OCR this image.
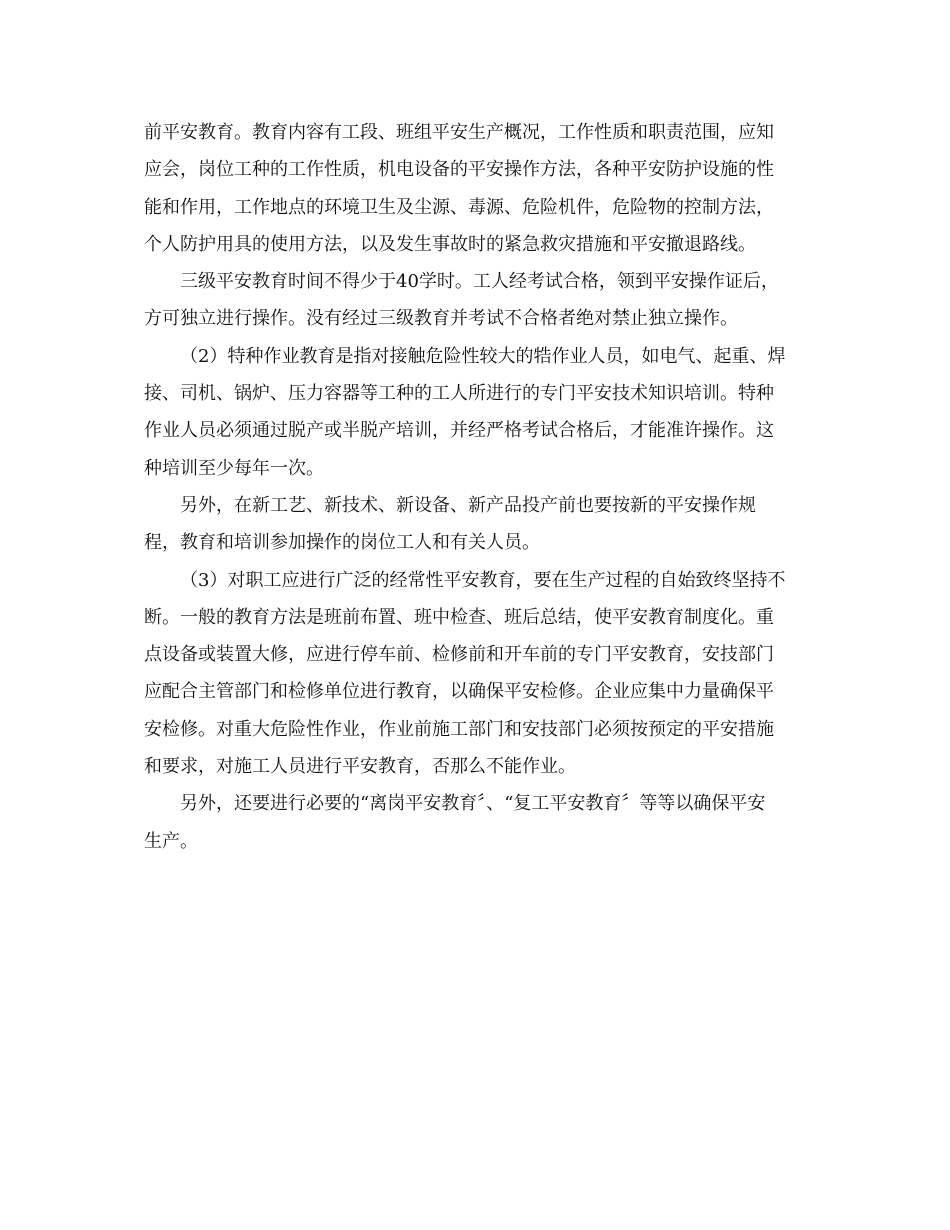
前平安教育。教育内容有工段、班组平安生产概况，工作性质和职责范围，应知
应会，岗位工种的工作性质，机电设备的平安操作方法，各种平安防护设施的性
能和作用，工作地点的环境卫生及尘源、毒源、危险机件，危险物的控制方法，
个人防护用具的使用方法，以及发生事故时的紧急救灾措施和平安撤退路线。

三级平安教育时间不得少于40学时。工人经考试合格，领到平安操作证后，
方可独立进行操作。没有经过三级教育并考试不合格者绝对禁止独立操作。

（2）特种作业教育是指对接触危险性较大的牿作业人员，如电气、起重、焊
接、司机、锅炉、压力容器等工种的工人所进行的专门平安技术知识培训。特种
作业人员必须通过脱产或半脱产培训，并经严格考试合格后，才能准许操作。这
种培训至少每年一次。

另外，在新工艺、新技术、新设备、新产品投产前也要按新的平安操作规
程，教育和培训参加操作的岗位工人和有关人员。

（3）对职工应进行广泛的经常性平安教育，要在生产过程的自始致终坚持不
断。一般的教育方法是班前布置、班中检查、班后总结，使平安教育制度化。重
点设备或装置大修，应进行停车前、检修前和开车前的专门平安教育，安技部门
应配合主管部门和检修单位进行教育，以确保平安检修。企业应集中力量确保平
安检修。对重大危险性作业，作业前施工部门和安技部门必须按预定的平安措施
和要求，对施工人员进行平安教育，否那么不能作业。

另外，还要进行必要的“离岗平安教育〞、“复工平安教育〞等等以确保平安
生产。
